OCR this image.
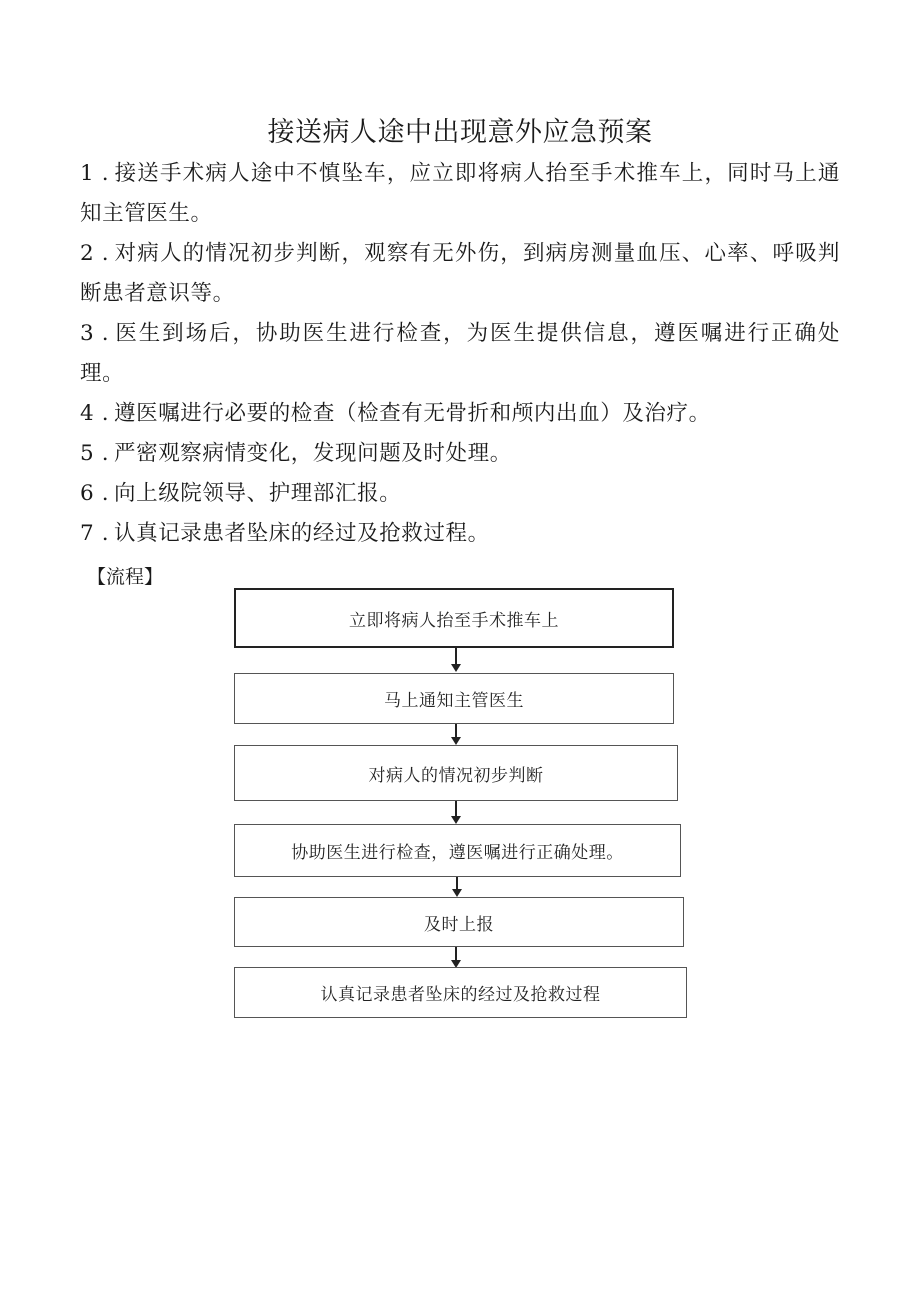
接送病人途中出现意外应急预案
1 . 接送手术病人途中不慎坠车，应立即将病人抬至手术推车上，同时马上通知主管医生。
2 . 对病人的情况初步判断，观察有无外伤，到病房测量血压、心率、呼吸判断患者意识等。
3 . 医生到场后，协助医生进行检查，为医生提供信息，遵医嘱进行正确处理。
4 . 遵医嘱进行必要的检查（检查有无骨折和颅内出血）及治疗。
5 . 严密观察病情变化，发现问题及时处理。
6 . 向上级院领导、护理部汇报。
7 . 认真记录患者坠床的经过及抢救过程。
【流程】
立即将病人抬至手术推车上
马上通知主管医生
对病人的情况初步判断
协助医生进行检查，遵医嘱进行正确处理。
及时上报
认真记录患者坠床的经过及抢救过程
